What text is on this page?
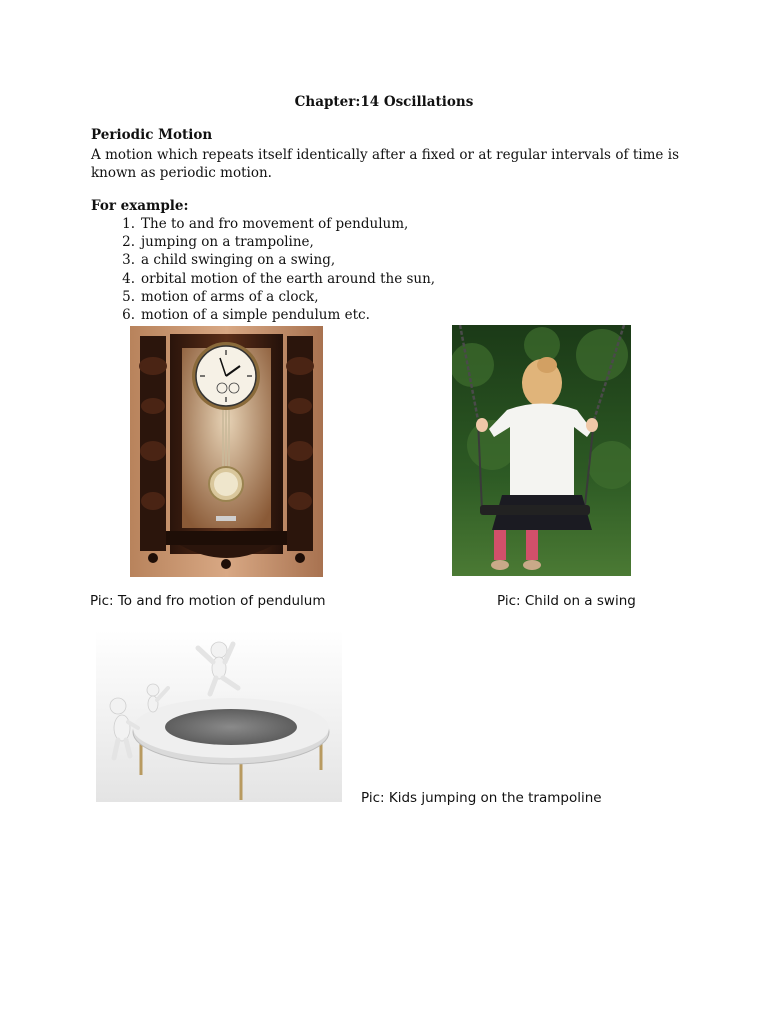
Chapter:14 Oscillations
Periodic Motion
A motion which repeats itself identically after a fixed or at regular intervals of time is known as periodic motion.
For example:
1. The to and fro movement of pendulum,
2. jumping on a trampoline,
3. a child swinging on a swing,
4. orbital motion of the earth around the sun,
5. motion of arms of a clock,
6. motion of a simple pendulum etc.
Pic: To and fro motion of pendulum	Pic: Child on a swing
Pic: Kids jumping on the trampoline
